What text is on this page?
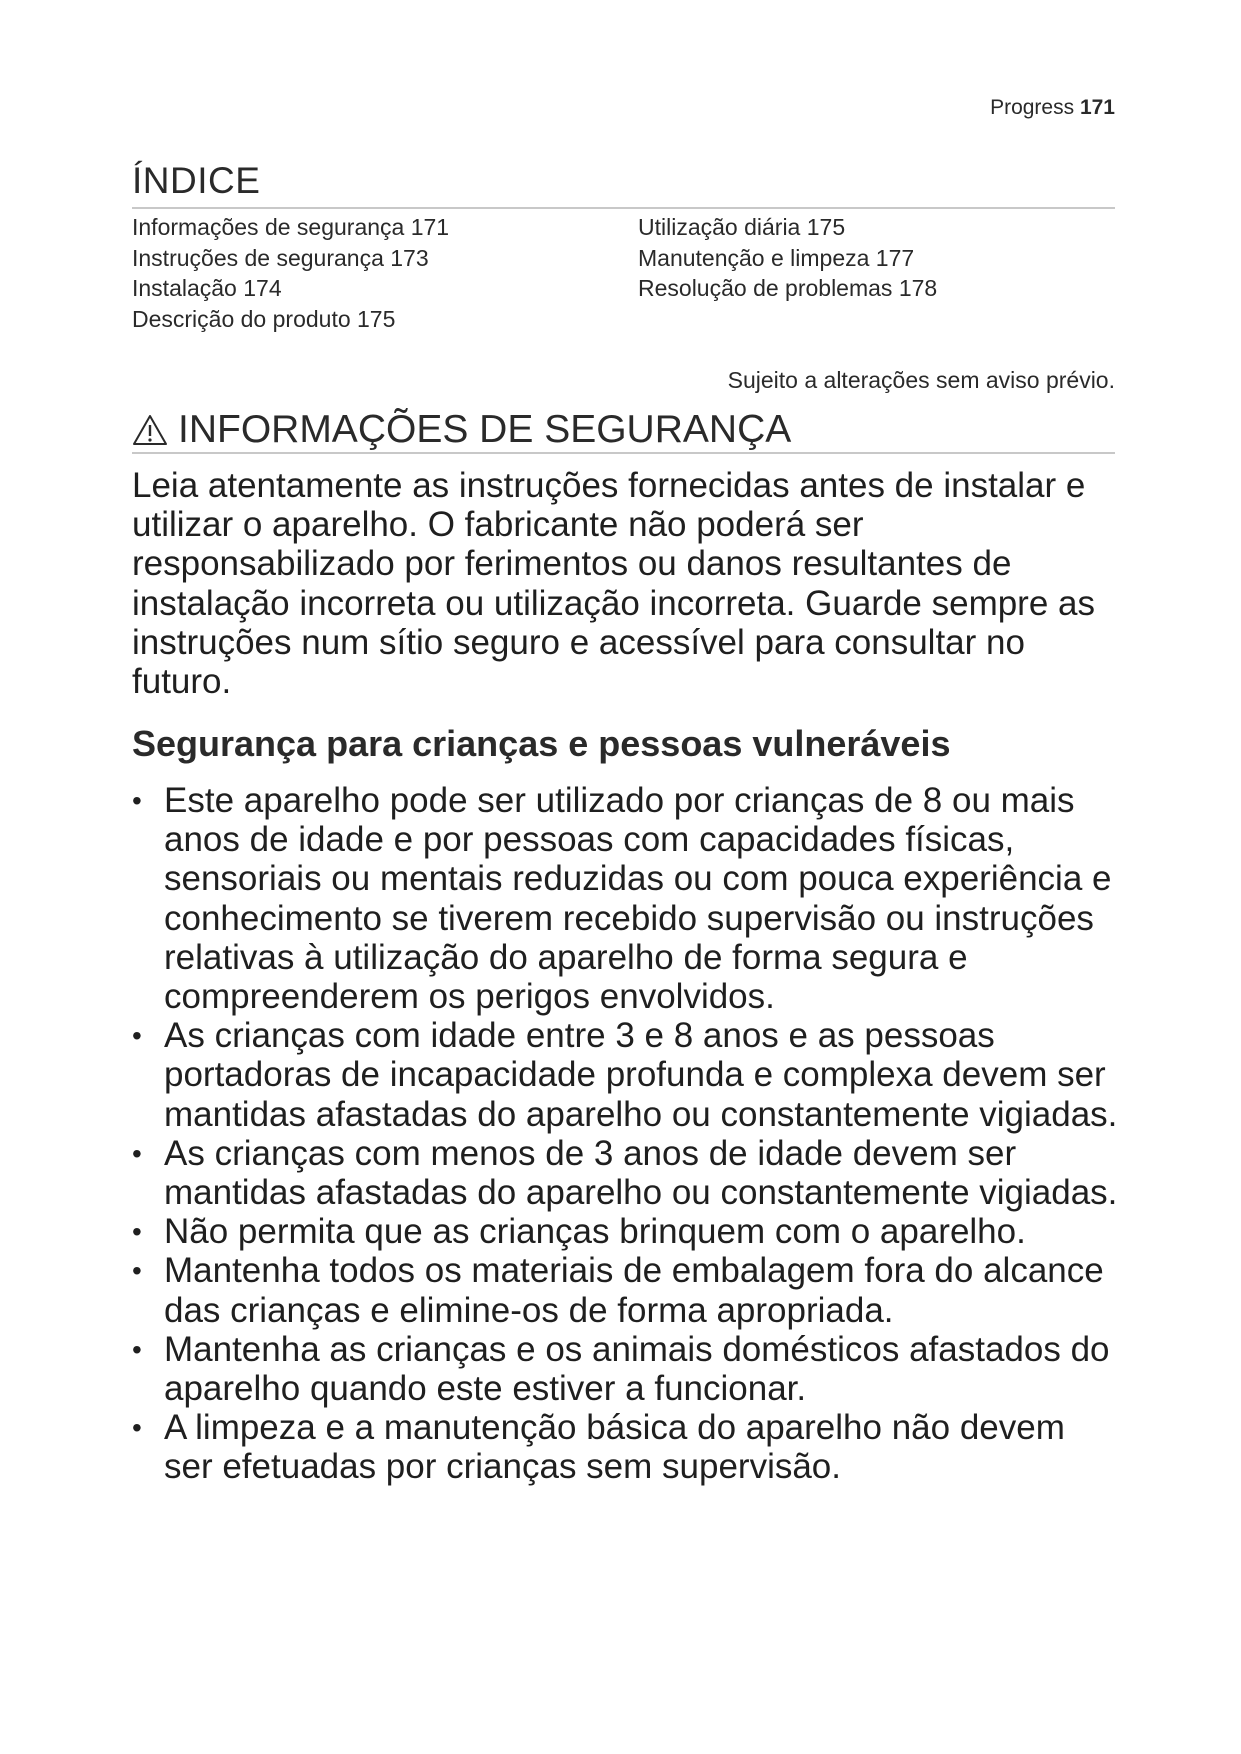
Progress 171
ÍNDICE
Informações de segurança 171
Instruções de segurança 173
Instalação 174
Descrição do produto 175
Utilização diária 175
Manutenção e limpeza 177
Resolução de problemas 178
Sujeito a alterações sem aviso prévio.
INFORMAÇÕES DE SEGURANÇA

Leia atentamente as instruções fornecidas antes de instalar e utilizar o aparelho. O fabricante não poderá ser responsabilizado por ferimentos ou danos resultantes de instalação incorreta ou utilização incorreta. Guarde sempre as instruções num sítio seguro e acessível para consultar no futuro.

Segurança para crianças e pessoas vulneráveis
• Este aparelho pode ser utilizado por crianças de 8 ou mais anos de idade e por pessoas com capacidades físicas, sensoriais ou mentais reduzidas ou com pouca experiência e conhecimento se tiverem recebido supervisão ou instruções relativas à utilização do aparelho de forma segura e compreenderem os perigos envolvidos.
• As crianças com idade entre 3 e 8 anos e as pessoas portadoras de incapacidade profunda e complexa devem ser mantidas afastadas do aparelho ou constantemente vigiadas.
• As crianças com menos de 3 anos de idade devem ser mantidas afastadas do aparelho ou constantemente vigiadas.
• Não permita que as crianças brinquem com o aparelho.
• Mantenha todos os materiais de embalagem fora do alcance das crianças e elimine-os de forma apropriada.
• Mantenha as crianças e os animais domésticos afastados do aparelho quando este estiver a funcionar.
• A limpeza e a manutenção básica do aparelho não devem ser efetuadas por crianças sem supervisão.
